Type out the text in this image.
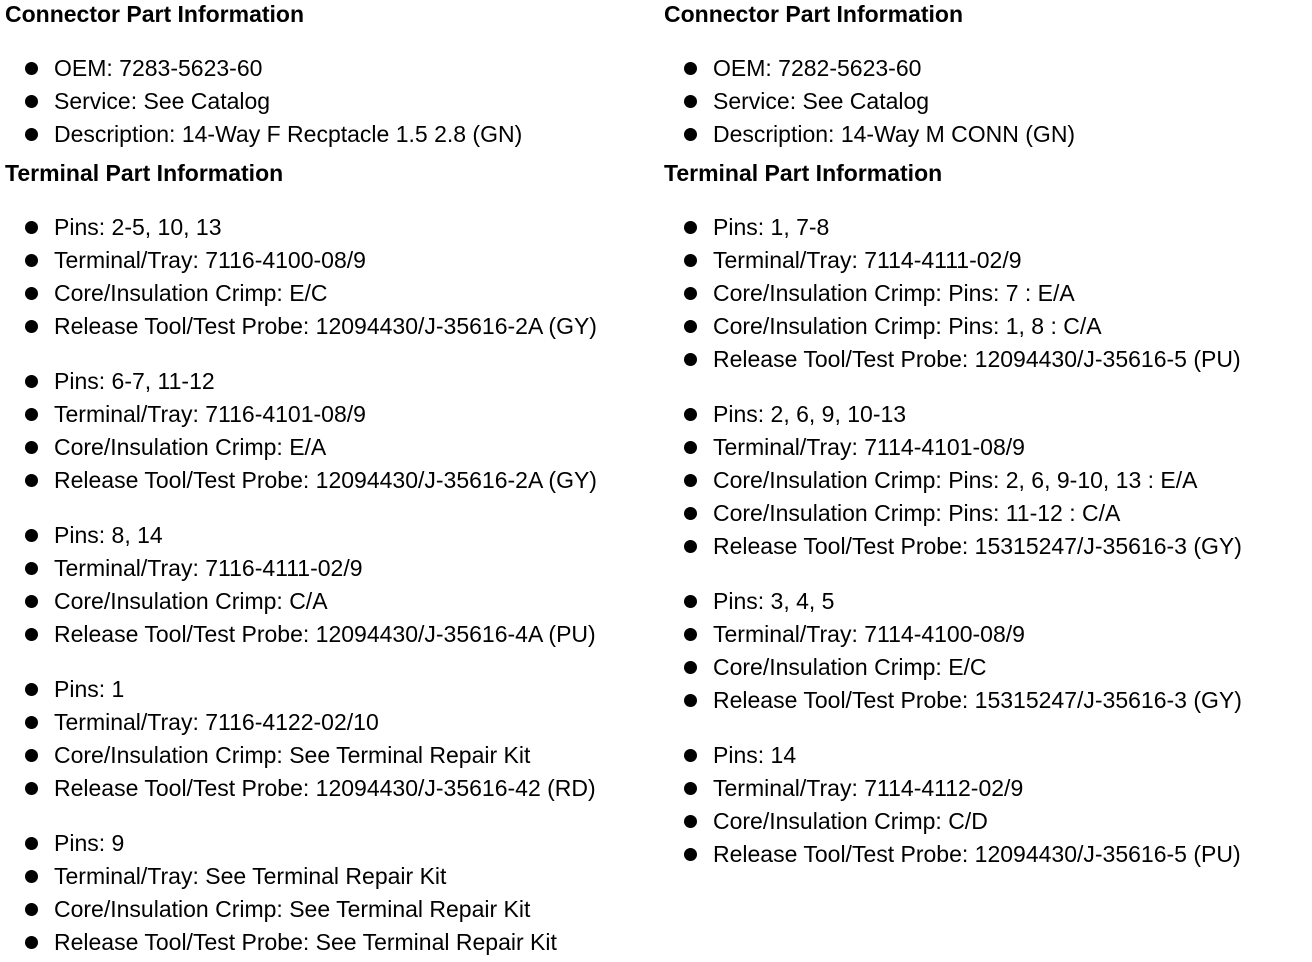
Connector Part Information
OEM: 7283-5623-60
Service: See Catalog
Description: 14-Way F Recptacle 1.5 2.8 (GN)
Terminal Part Information
Pins: 2-5, 10, 13
Terminal/Tray: 7116-4100-08/9
Core/Insulation Crimp: E/C
Release Tool/Test Probe: 12094430/J-35616-2A (GY)
Pins: 6-7, 11-12
Terminal/Tray: 7116-4101-08/9
Core/Insulation Crimp: E/A
Release Tool/Test Probe: 12094430/J-35616-2A (GY)
Pins: 8, 14
Terminal/Tray: 7116-4111-02/9
Core/Insulation Crimp: C/A
Release Tool/Test Probe: 12094430/J-35616-4A (PU)
Pins: 1
Terminal/Tray: 7116-4122-02/10
Core/Insulation Crimp: See Terminal Repair Kit
Release Tool/Test Probe: 12094430/J-35616-42 (RD)
Pins: 9
Terminal/Tray: See Terminal Repair Kit
Core/Insulation Crimp: See Terminal Repair Kit
Release Tool/Test Probe: See Terminal Repair Kit
Connector Part Information
OEM: 7282-5623-60
Service: See Catalog
Description: 14-Way M CONN (GN)
Terminal Part Information
Pins: 1, 7-8
Terminal/Tray: 7114-4111-02/9
Core/Insulation Crimp: Pins: 7 : E/A
Core/Insulation Crimp: Pins: 1, 8 : C/A
Release Tool/Test Probe: 12094430/J-35616-5 (PU)
Pins: 2, 6, 9, 10-13
Terminal/Tray: 7114-4101-08/9
Core/Insulation Crimp: Pins: 2, 6, 9-10, 13 : E/A
Core/Insulation Crimp: Pins: 11-12 : C/A
Release Tool/Test Probe: 15315247/J-35616-3 (GY)
Pins: 3, 4, 5
Terminal/Tray: 7114-4100-08/9
Core/Insulation Crimp: E/C
Release Tool/Test Probe: 15315247/J-35616-3 (GY)
Pins: 14
Terminal/Tray: 7114-4112-02/9
Core/Insulation Crimp: C/D
Release Tool/Test Probe: 12094430/J-35616-5 (PU)
